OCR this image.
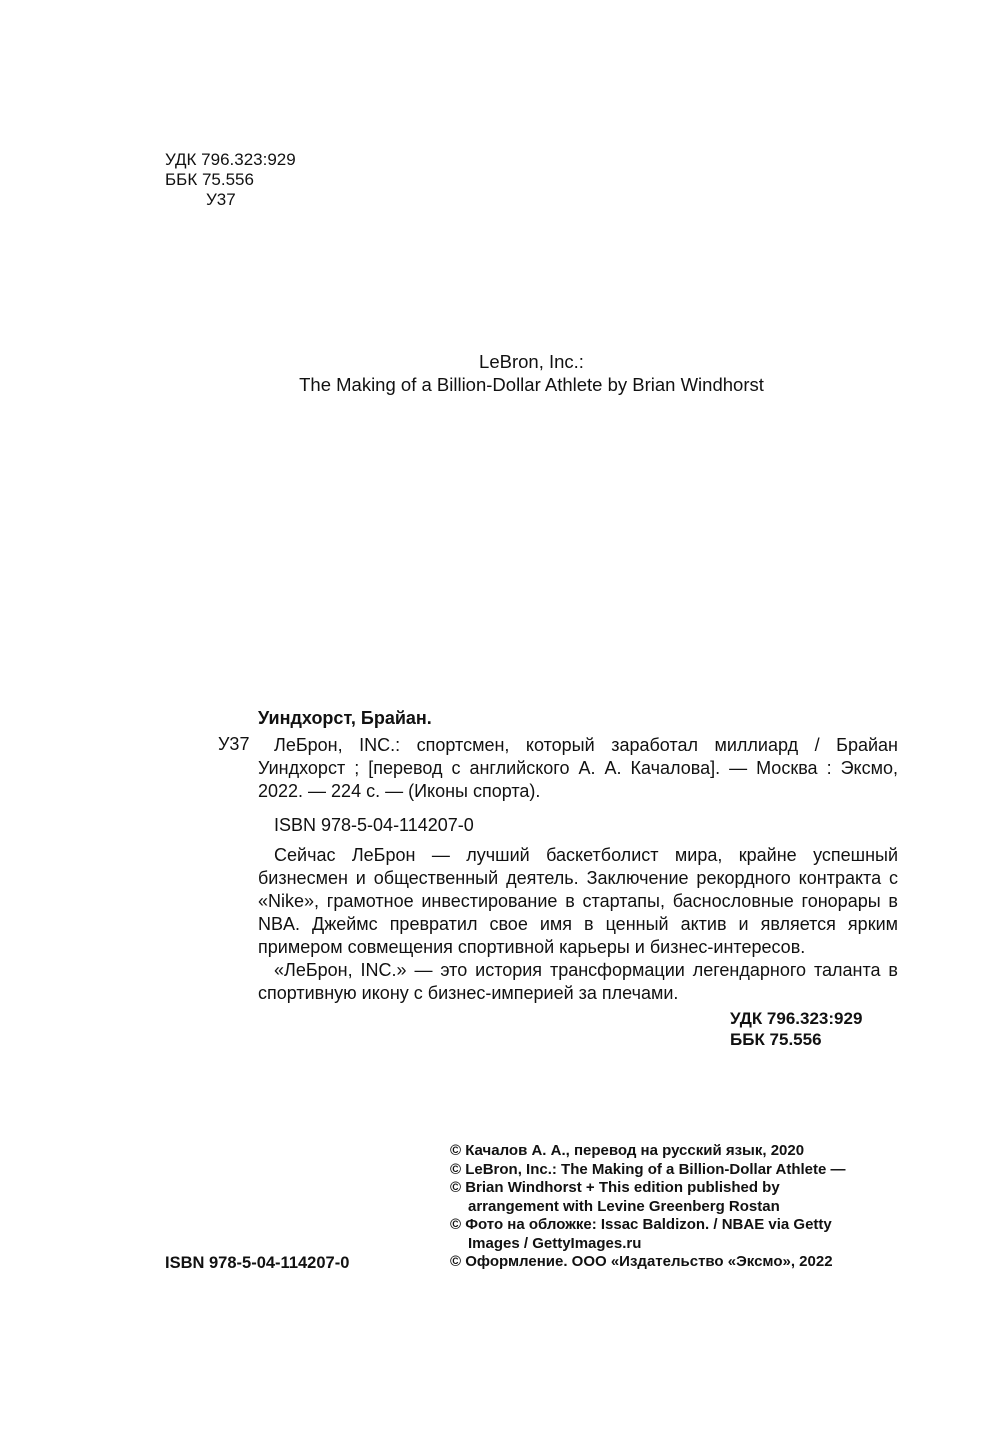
УДК 796.323:929
ББК 75.556
У37
LeBron, Inc.:
The Making of a Billion-Dollar Athlete by Brian Windhorst
Уиндхорст, Брайан.
У37	ЛеБрон, INC.: спортсмен, который заработал миллиард / Брайан Уиндхорст ; [перевод с английского А. А. Качалова]. — Москва : Эксмо, 2022. — 224 с. — (Иконы спорта).
ISBN 978-5-04-114207-0
Сейчас ЛеБрон — лучший баскетболист мира, крайне успешный бизнесмен и общественный деятель. Заключение рекордного контракта с «Nike», грамотное инвестирование в стартапы, баснословные гонорары в NBA. Джеймс превратил свое имя в ценный актив и является ярким примером совмещения спортивной карьеры и бизнес-интересов.
«ЛеБрон, INC.» — это история трансформации легендарного таланта в спортивную икону с бизнес-империей за плечами.
УДК 796.323:929
ББК 75.556
© Качалов А. А., перевод на русский язык, 2020
© LeBron, Inc.: The Making of a Billion-Dollar Athlete —
© Brian Windhorst + This edition published by
arrangement with Levine Greenberg Rostan
© Фото на обложке: Issac Baldizon. / NBAE via Getty
Images / GettyImages.ru
© Оформление. ООО «Издательство «Эксмо», 2022
ISBN 978-5-04-114207-0
